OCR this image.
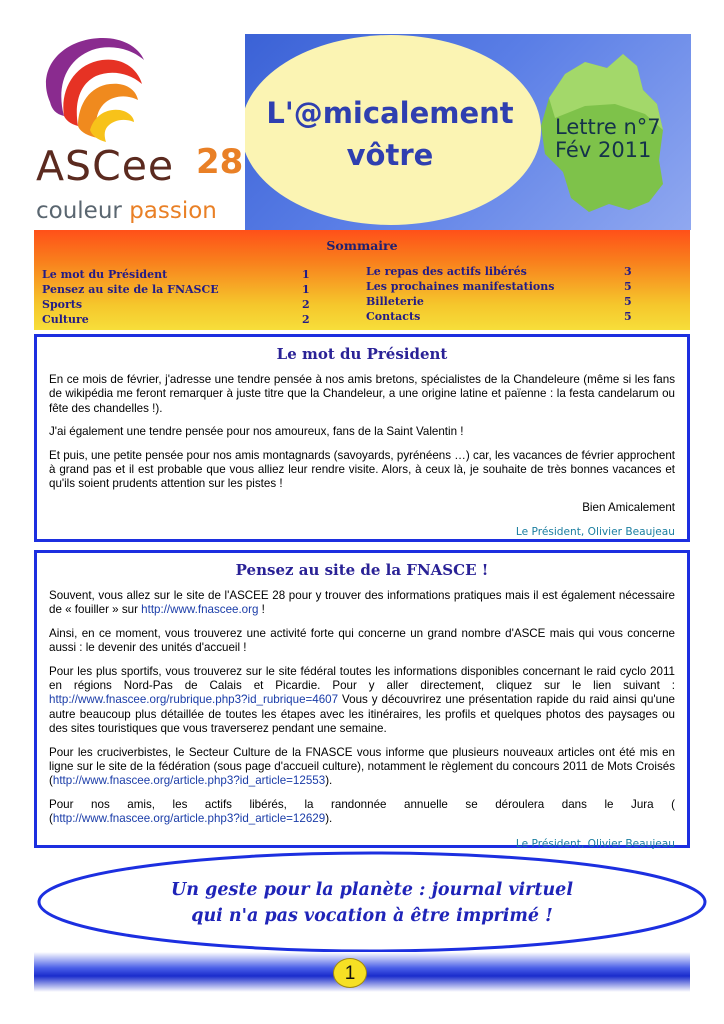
ASCee 28
couleur passion
L'@micalement
vôtre
Lettre n°7
Fév 2011
Sommaire
Le mot du Président	1
Pensez au site de la FNASCE	1
Sports	2
Culture	2
Le repas des actifs libérés	3
Les prochaines manifestations	5
Billeterie	5
Contacts	5
Le mot du Président

En ce mois de février, j'adresse une tendre pensée à nos amis bretons, spécialistes de la Chandeleure (même si les fans de wikipédia me feront remarquer à juste titre que la Chandeleur, a une origine latine et païenne : la festa candelarum ou fête des chandelles !).

J'ai également une tendre pensée pour nos amoureux, fans de la Saint Valentin !

Et puis, une petite pensée pour nos amis montagnards (savoyards, pyrénéens …) car, les vacances de février approchent à grand pas et il est probable que vous alliez leur rendre visite. Alors, à ceux là, je souhaite de très bonnes vacances et qu'ils soient prudents attention sur les pistes !

Bien Amicalement

Le Président, Olivier Beaujeau
Pensez au site de la FNASCE !

Souvent, vous allez sur le site de l'ASCEE 28 pour y trouver des informations pratiques mais il est également nécessaire de « fouiller » sur http://www.fnascee.org !

Ainsi, en ce moment, vous trouverez une activité forte qui concerne un grand nombre d'ASCE mais qui vous concerne aussi : le devenir des unités d'accueil !

Pour les plus sportifs, vous trouverez sur le site fédéral toutes les informations disponibles concernant le raid cyclo 2011 en régions Nord-Pas de Calais et Picardie. Pour y aller directement, cliquez sur le lien suivant : http://www.fnascee.org/rubrique.php3?id_rubrique=4607 Vous y découvrirez une présentation rapide du raid ainsi qu'une autre beaucoup plus détaillée de toutes les étapes avec les itinéraires, les profils et quelques photos des paysages ou des sites touristiques que vous traverserez pendant une semaine.

Pour les cruciverbistes, le Secteur Culture de la FNASCE vous informe que plusieurs nouveaux articles ont été mis en ligne sur le site de la fédération (sous page d'accueil culture), notamment le règlement du concours 2011 de Mots Croisés (http://www.fnascee.org/article.php3?id_article=12553).

Pour nos amis, les actifs libérés, la randonnée annuelle se déroulera dans le Jura (

(http://www.fnascee.org/article.php3?id_article=12629).

Le Président, Olivier Beaujeau
Un geste pour la planète : journal virtuel
qui n'a pas vocation à être imprimé !
1
